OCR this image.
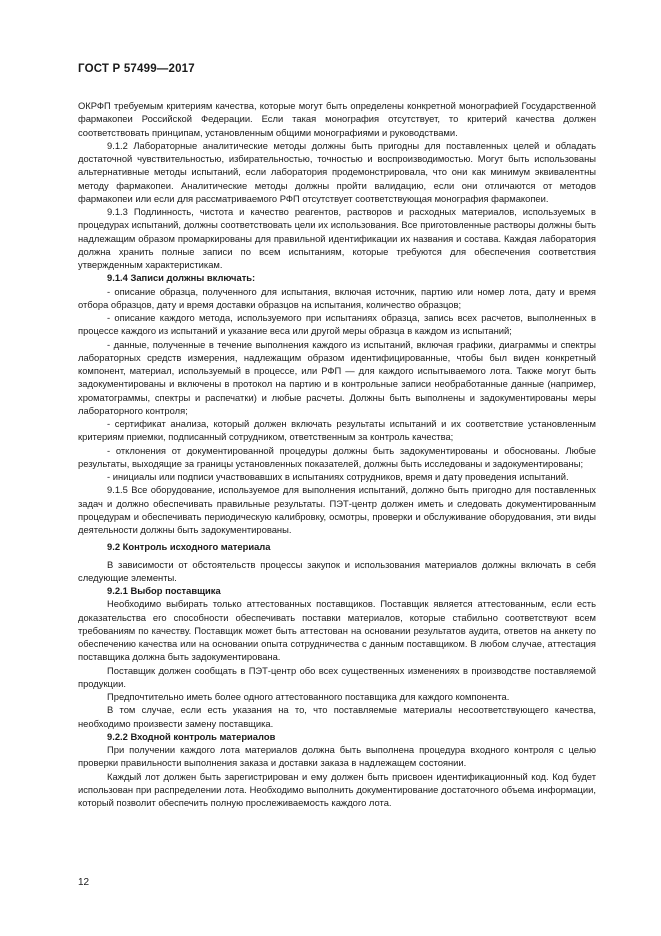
ГОСТ Р 57499—2017

ОКРФП требуемым критериям качества, которые могут быть определены конкретной монографией Государственной фармакопеи Российской Федерации. Если такая монография отсутствует, то критерий качества должен соответствовать принципам, установленным общими монографиями и руководствами.

9.1.2 Лабораторные аналитические методы должны быть пригодны для поставленных целей и обладать достаточной чувствительностью, избирательностью, точностью и воспроизводимостью. Могут быть использованы альтернативные методы испытаний, если лаборатория продемонстрировала, что они как минимум эквивалентны методу фармакопеи. Аналитические методы должны пройти валидацию, если они отличаются от методов фармакопеи или если для рассматриваемого РФП отсутствует соответствующая монография фармакопеи.

9.1.3 Подлинность, чистота и качество реагентов, растворов и расходных материалов, используемых в процедурах испытаний, должны соответствовать цели их использования. Все приготовленные растворы должны быть надлежащим образом промаркированы для правильной идентификации их названия и состава. Каждая лаборатория должна хранить полные записи по всем испытаниям, которые требуются для обеспечения соответствия утвержденным характеристикам.

9.1.4 Записи должны включать:

- описание образца, полученного для испытания, включая источник, партию или номер лота, дату и время отбора образцов, дату и время доставки образцов на испытания, количество образцов;

- описание каждого метода, используемого при испытаниях образца, запись всех расчетов, выполненных в процессе каждого из испытаний и указание веса или другой меры образца в каждом из испытаний;

- данные, полученные в течение выполнения каждого из испытаний, включая графики, диаграммы и спектры лабораторных средств измерения, надлежащим образом идентифицированные, чтобы был виден конкретный компонент, материал, используемый в процессе, или РФП — для каждого испытываемого лота. Также могут быть задокументированы и включены в протокол на партию и в контрольные записи необработанные данные (например, хроматограммы, спектры и распечатки) и любые расчеты. Должны быть выполнены и задокументированы меры лабораторного контроля;

- сертификат анализа, который должен включать результаты испытаний и их соответствие установленным критериям приемки, подписанный сотрудником, ответственным за контроль качества;

- отклонения от документированной процедуры должны быть задокументированы и обоснованы. Любые результаты, выходящие за границы установленных показателей, должны быть исследованы и задокументированы;

- инициалы или подписи участвовавших в испытаниях сотрудников, время и дату проведения испытаний.

9.1.5 Все оборудование, используемое для выполнения испытаний, должно быть пригодно для поставленных задач и должно обеспечивать правильные результаты. ПЭТ-центр должен иметь и следовать документированным процедурам и обеспечивать периодическую калибровку, осмотры, проверки и обслуживание оборудования, эти виды деятельности должны быть задокументированы.

9.2 Контроль исходного материала

В зависимости от обстоятельств процессы закупок и использования материалов должны включать в себя следующие элементы.

9.2.1 Выбор поставщика

Необходимо выбирать только аттестованных поставщиков. Поставщик является аттестованным, если есть доказательства его способности обеспечивать поставки материалов, которые стабильно соответствуют всем требованиям по качеству. Поставщик может быть аттестован на основании результатов аудита, ответов на анкету по обеспечению качества или на основании опыта сотрудничества с данным поставщиком. В любом случае, аттестация поставщика должна быть задокументирована.

Поставщик должен сообщать в ПЭТ-центр обо всех существенных изменениях в производстве поставляемой продукции.

Предпочтительно иметь более одного аттестованного поставщика для каждого компонента.

В том случае, если есть указания на то, что поставляемые материалы несоответствующего качества, необходимо произвести замену поставщика.

9.2.2 Входной контроль материалов

При получении каждого лота материалов должна быть выполнена процедура входного контроля с целью проверки правильности выполнения заказа и доставки заказа в надлежащем состоянии.

Каждый лот должен быть зарегистрирован и ему должен быть присвоен идентификационный код. Код будет использован при распределении лота. Необходимо выполнить документирование достаточного объема информации, который позволит обеспечить полную прослеживаемость каждого лота.

12
